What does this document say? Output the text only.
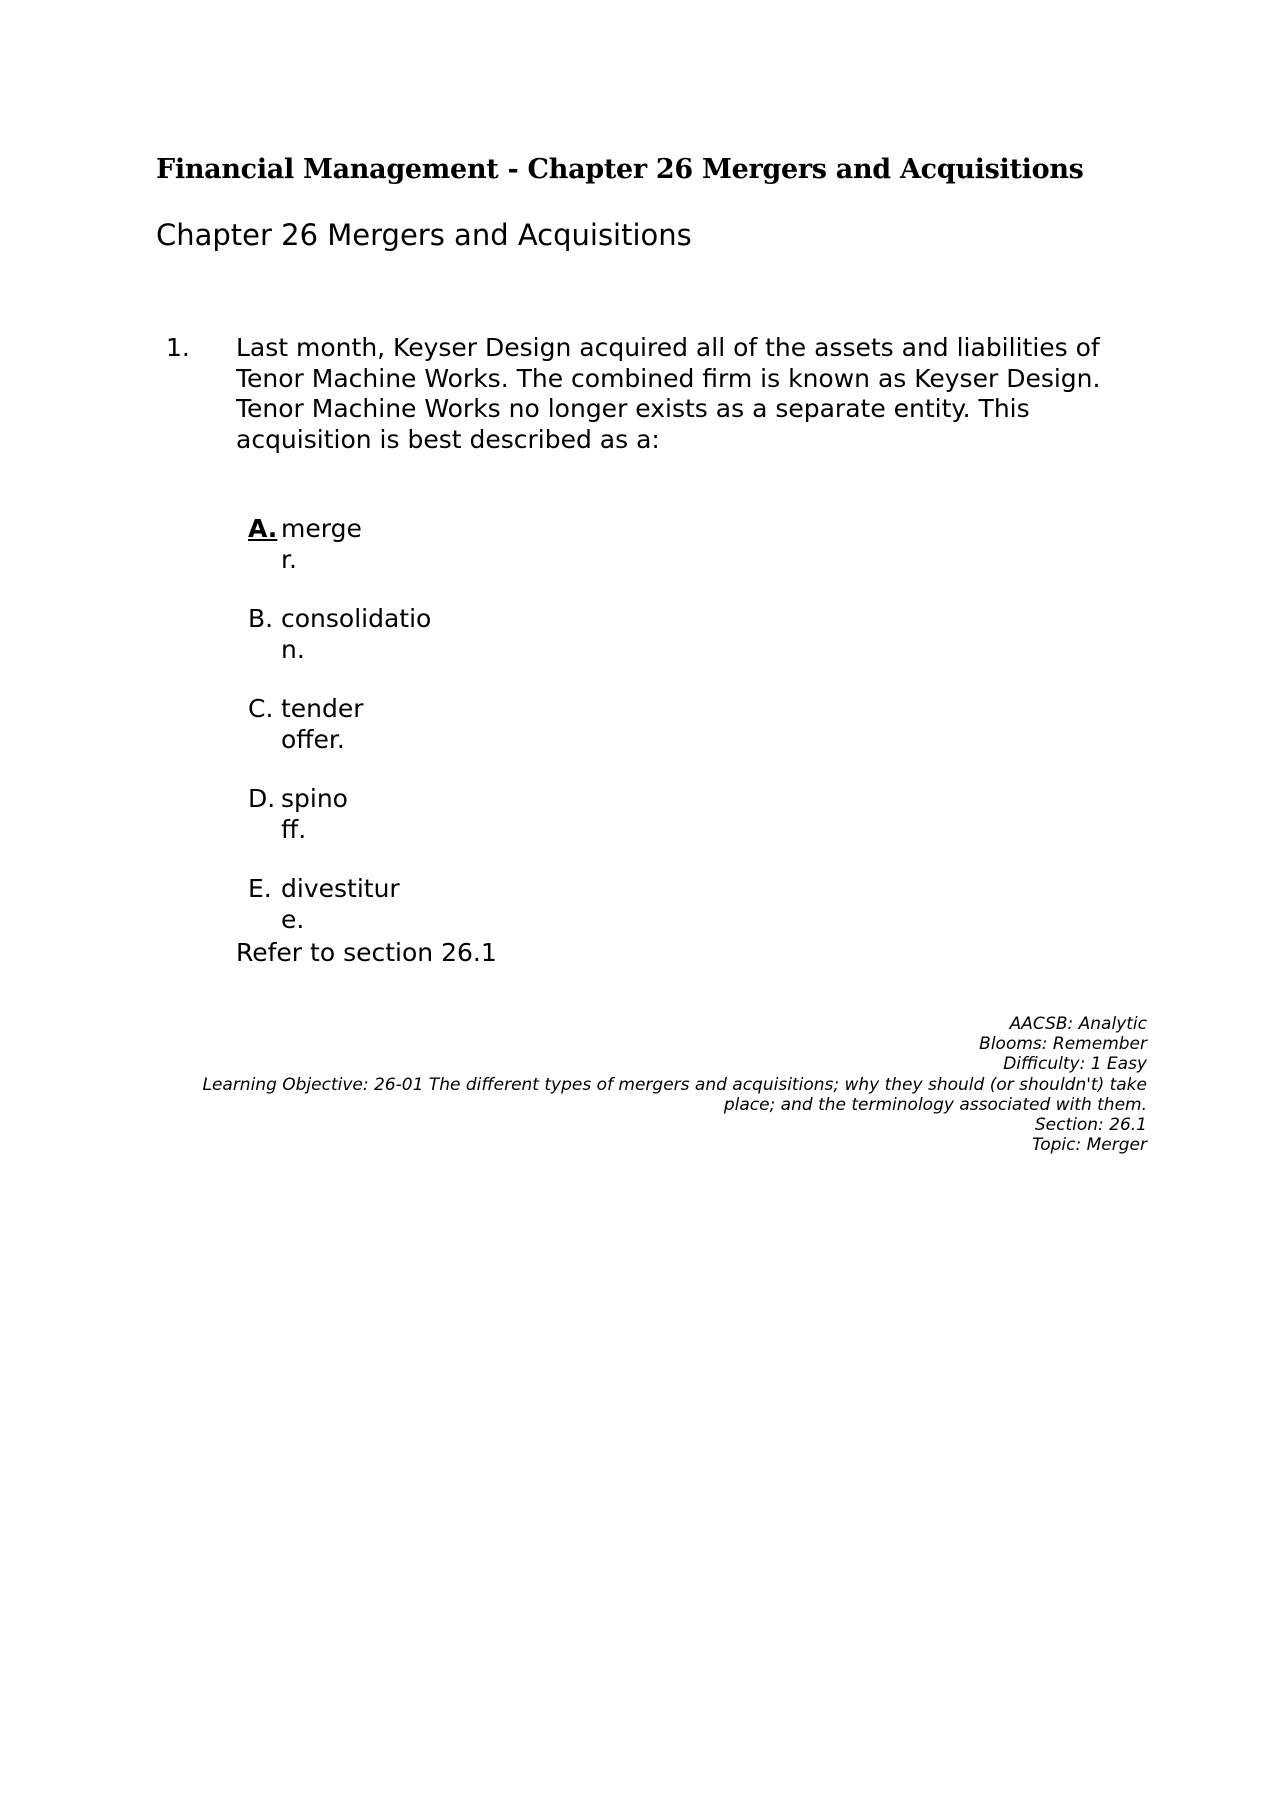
Financial Management - Chapter 26 Mergers and Acquisitions
Chapter 26 Mergers and Acquisitions
1. Last month, Keyser Design acquired all of the assets and liabilities of Tenor Machine Works. The combined firm is known as Keyser Design. Tenor Machine Works no longer exists as a separate entity. This acquisition is best described as a:
A. merger.
B. consolidation.
C. tender offer.
D. spinoff.
E. divestiture.
Refer to section 26.1
AACSB: Analytic
Blooms: Remember
Difficulty: 1 Easy
Learning Objective: 26-01 The different types of mergers and acquisitions; why they should (or shouldn't) take
place; and the terminology associated with them.
Section: 26.1
Topic: Merger
